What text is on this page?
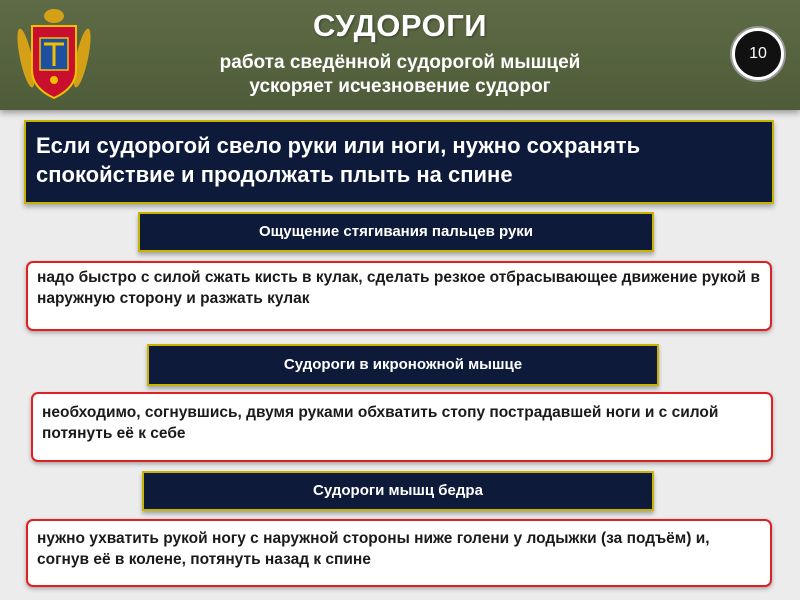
СУДОРОГИ
работа сведённой судорогой мышцей
ускоряет исчезновение судорог
10
Если судорогой свело руки или ноги, нужно сохранять спокойствие и продолжать плыть на спине
Ощущение стягивания пальцев руки
надо быстро с силой сжать кисть в кулак, сделать резкое отбрасывающее движение рукой в наружную сторону и разжать кулак
Судороги в икроножной мышце
необходимо, согнувшись, двумя руками обхватить стопу пострадавшей ноги и с силой потянуть её к себе
Судороги мышц бедра
нужно ухватить рукой ногу с наружной стороны ниже голени у лодыжки (за подъём) и, согнув её в колене, потянуть назад к спине
